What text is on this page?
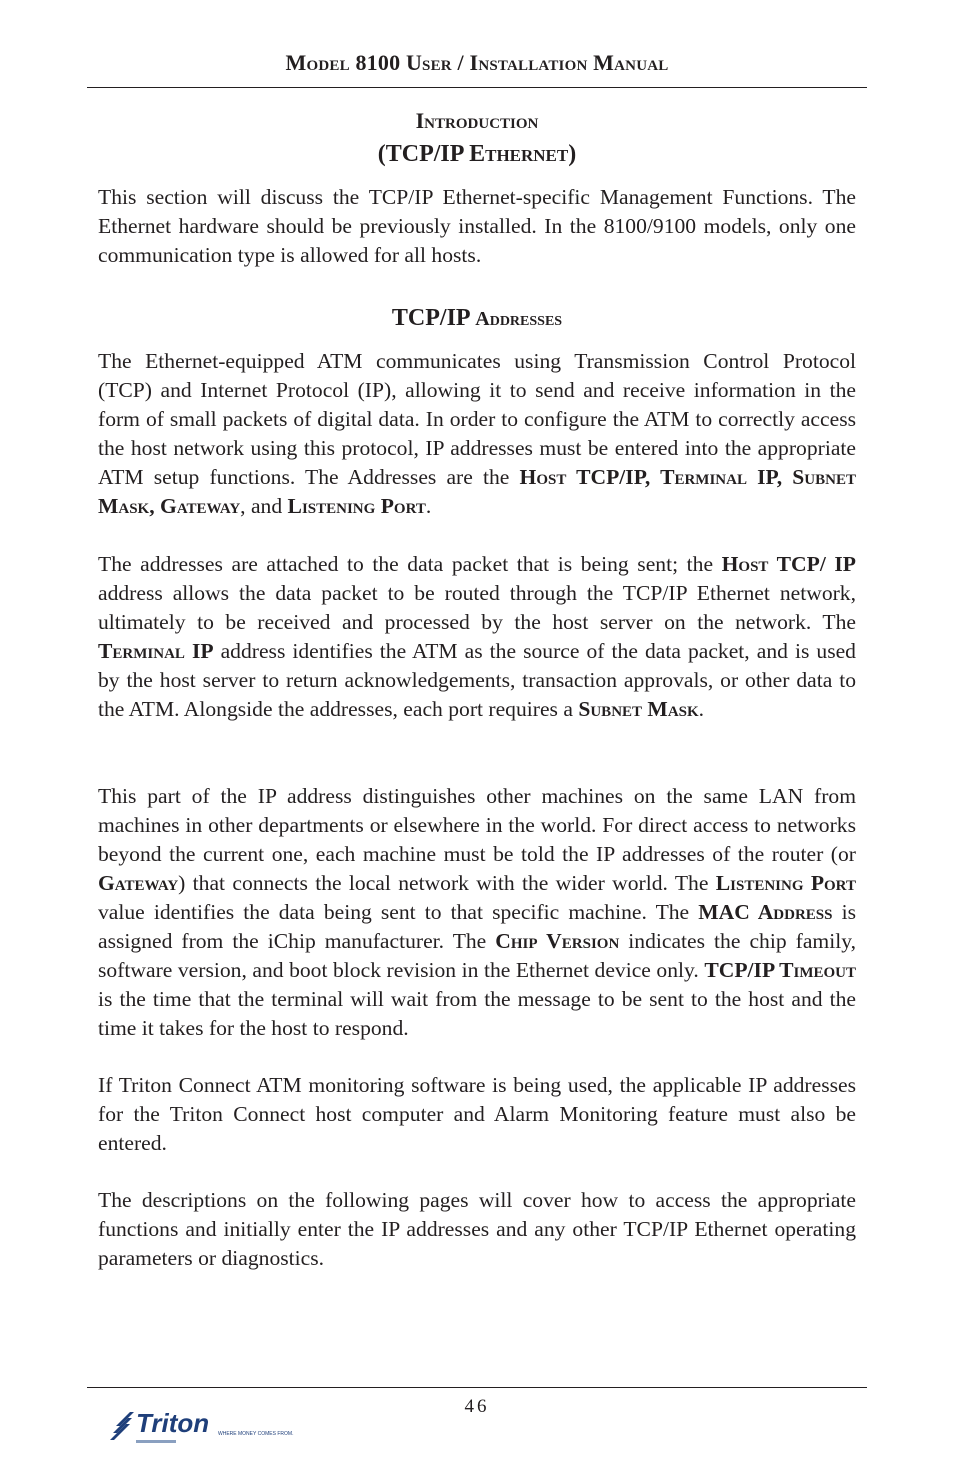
Model 8100 User / Installation Manual
Introduction
(TCP/IP Ethernet)

This section will discuss the TCP/IP Ethernet-specific Management Functions. The Ethernet hardware should be previously installed. In the 8100/9100 models, only one communication type is allowed for all hosts.

TCP/IP Addresses

The Ethernet-equipped ATM communicates using Transmission Control Protocol (TCP) and Internet Protocol (IP), allowing it to send and receive information in the form of small packets of digital data. In order to configure the ATM to correctly access the host network using this protocol, IP addresses must be entered into the appropriate ATM setup functions. The Addresses are the Host TCP/IP, Terminal IP, Subnet Mask, Gateway, and Listening Port.

The addresses are attached to the data packet that is being sent; the Host TCP/ IP address allows the data packet to be routed through the TCP/IP Ethernet network, ultimately to be received and processed by the host server on the network. The Terminal IP address identifies the ATM as the source of the data packet, and is used by the host server to return acknowledgements, transaction approvals, or other data to the ATM. Alongside the addresses, each port requires a Subnet Mask.

This part of the IP address distinguishes other machines on the same LAN from machines in other departments or elsewhere in the world. For direct access to networks beyond the current one, each machine must be told the IP addresses of the router (or Gateway) that connects the local network with the wider world. The Listening Port value identifies the data being sent to that specific machine. The MAC Address is assigned from the iChip manufacturer. The Chip Version indicates the chip family, software version, and boot block revision in the Ethernet device only. TCP/IP Timeout is the time that the terminal will wait from the message to be sent to the host and the time it takes for the host to respond.

If Triton Connect ATM monitoring software is being used, the applicable IP addresses for the Triton Connect host computer and Alarm Monitoring feature must also be entered.

The descriptions on the following pages will cover how to access the appropriate functions and initially enter the IP addresses and any other TCP/IP Ethernet operating parameters or diagnostics.

46
Triton WHERE MONEY COMES FROM.
